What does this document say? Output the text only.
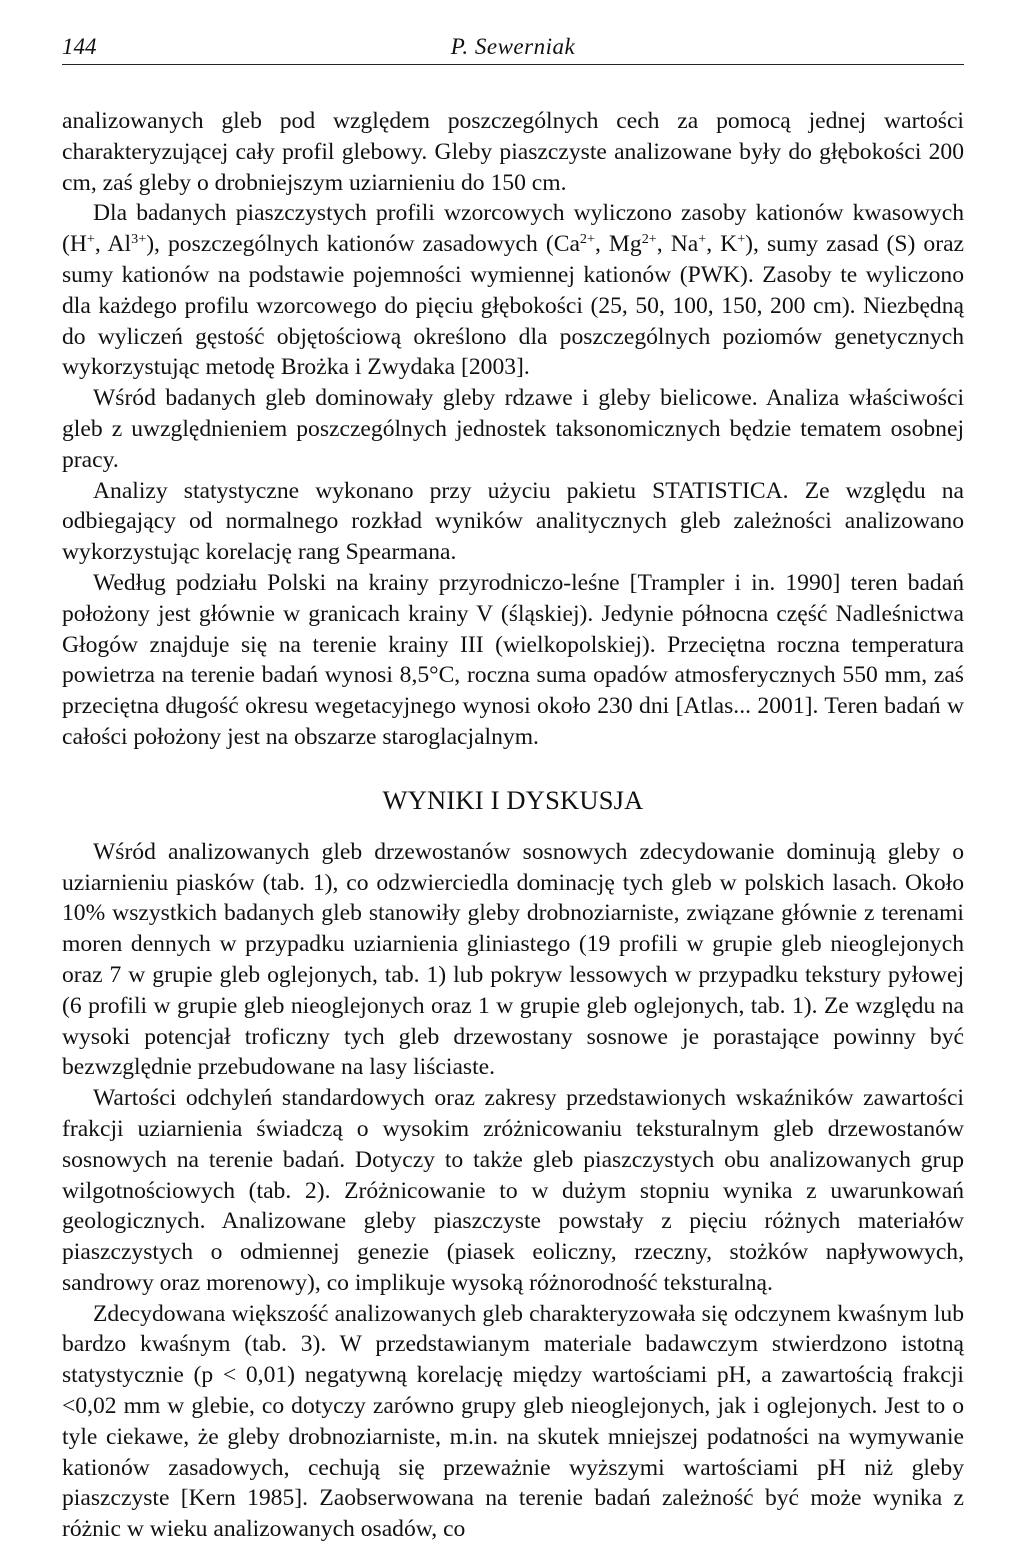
144	P. Sewerniak

analizowanych gleb pod względem poszczególnych cech za pomocą jednej wartości charakteryzującej cały profil glebowy. Gleby piaszczyste analizowane były do głębokości 200 cm, zaś gleby o drobniejszym uziarnieniu do 150 cm.

Dla badanych piaszczystych profili wzorcowych wyliczono zasoby kationów kwasowych (H+, $Al^{3+}$), poszczególnych kationów zasadowych ($Ca^{2+}$, $Mg^{2+}$, Na+, K+), sumy zasad (S) oraz sumy kationów na podstawie pojemności wymiennej kationów (PWK). Zasoby te wyliczono dla każdego profilu wzorcowego do pięciu głębokości (25, 50, 100, 150, 200 cm). Niezbędną do wyliczeń gęstość objętościową określono dla poszczególnych poziomów genetycznych wykorzystując metodę Brożka i Zwydaka [2003].

Wśród badanych gleb dominowały gleby rdzawe i gleby bielicowe. Analiza właściwości gleb z uwzględnieniem poszczególnych jednostek taksonomicznych będzie tematem osobnej pracy.

Analizy statystyczne wykonano przy użyciu pakietu STATISTICA. Ze względu na odbiegający od normalnego rozkład wyników analitycznych gleb zależności analizowano wykorzystując korelację rang Spearmana.

Według podziału Polski na krainy przyrodniczo-leśne [Trampler i in. 1990] teren badań położony jest głównie w granicach krainy V (śląskiej). Jedynie północna część Nadleśnictwa Głogów znajduje się na terenie krainy III (wielkopolskiej). Przeciętna roczna temperatura powietrza na terenie badań wynosi 8,5°C, roczna suma opadów atmosferycznych 550 mm, zaś przeciętna długość okresu wegetacyjnego wynosi około 230 dni [Atlas... 2001]. Teren badań w całości położony jest na obszarze staroglacjalnym.

WYNIKI I DYSKUSJA

Wśród analizowanych gleb drzewostanów sosnowych zdecydowanie dominują gleby o uziarnieniu piasków (tab. 1), co odzwierciedla dominację tych gleb w polskich lasach. Około 10% wszystkich badanych gleb stanowiły gleby drobnoziarniste, związane głównie z terenami moren dennych w przypadku uziarnienia gliniastego (19 profili w grupie gleb nieoglejonych oraz 7 w grupie gleb oglejonych, tab. 1) lub pokryw lessowych w przypadku tekstury pyłowej (6 profili w grupie gleb nieoglejonych oraz 1 w grupie gleb oglejonych, tab. 1). Ze względu na wysoki potencjał troficzny tych gleb drzewostany sosnowe je porastające powinny być bezwzględnie przebudowane na lasy liściaste.

Wartości odchyleń standardowych oraz zakresy przedstawionych wskaźników zawartości frakcji uziarnienia świadczą o wysokim zróżnicowaniu teksturalnym gleb drzewostanów sosnowych na terenie badań. Dotyczy to także gleb piaszczystych obu analizowanych grup wilgotnościowych (tab. 2). Zróżnicowanie to w dużym stopniu wynika z uwarunkowań geologicznych. Analizowane gleby piaszczyste powstały z pięciu różnych materiałów piaszczystych o odmiennej genezie (piasek eoliczny, rzeczny, stożków napływowych, sandrowy oraz morenowy), co implikuje wysoką różnorodność teksturalną.

Zdecydowana większość analizowanych gleb charakteryzowała się odczynem kwaśnym lub bardzo kwaśnym (tab. 3). W przedstawianym materiale badawczym stwierdzono istotną statystycznie (p < 0,01) negatywną korelację między wartościami pH, a zawartością frakcji <0,02 mm w glebie, co dotyczy zarówno grupy gleb nieoglejonych, jak i oglejonych. Jest to o tyle ciekawe, że gleby drobnoziarniste, m.in. na skutek mniejszej podatności na wymywanie kationów zasadowych, cechują się przeważnie wyższymi wartościami pH niż gleby piaszczyste [Kern 1985]. Zaobserwowana na terenie badań zależność być może wynika z różnic w wieku analizowanych osadów, co
